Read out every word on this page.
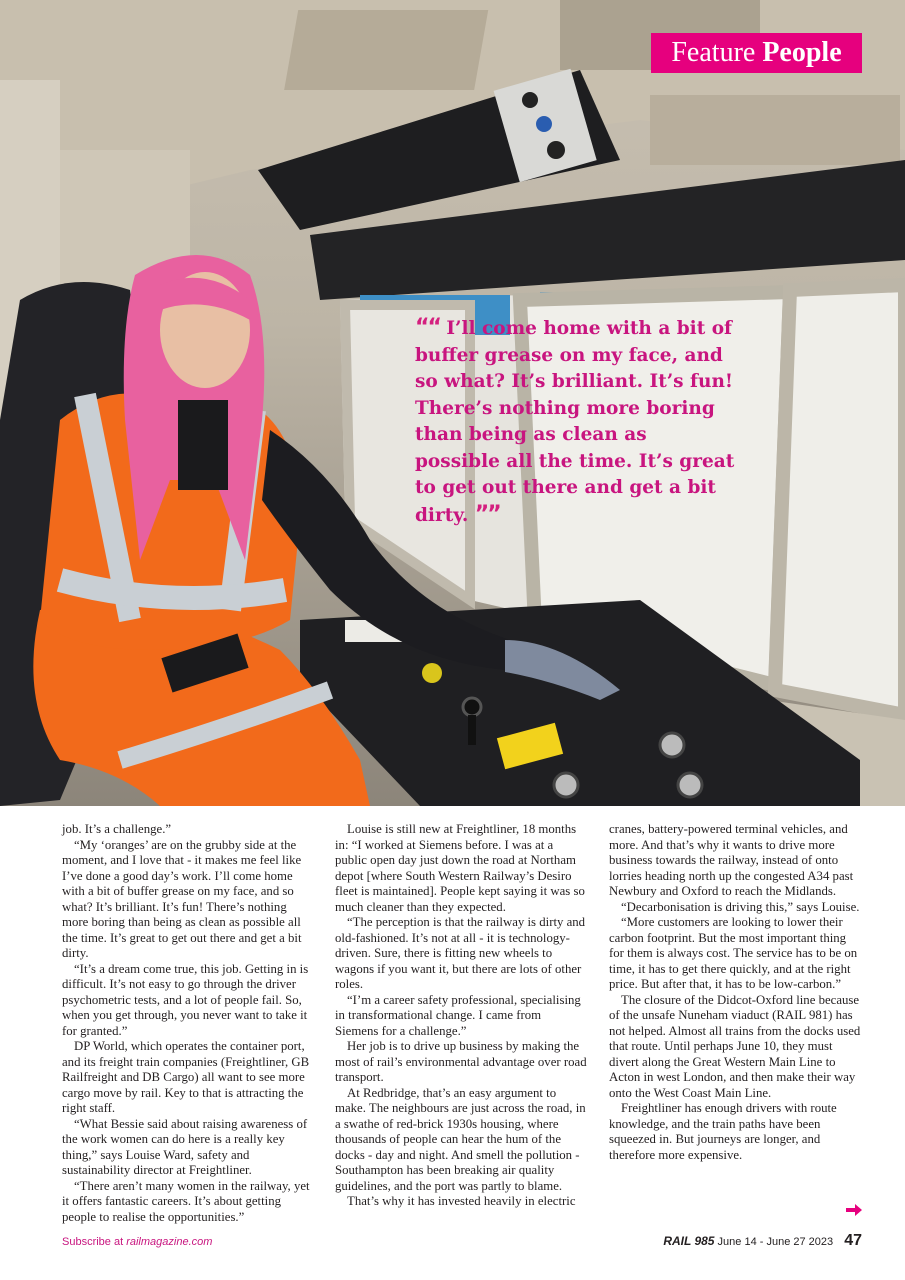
Feature People
““ I’ll come home with a bit of buffer grease on my face, and so what? It’s brilliant. It’s fun! There’s nothing more boring than being as clean as possible all the time. It’s great to get out there and get a bit dirty. ””

job. It’s a challenge.”

“My ‘oranges’ are on the grubby side at the moment, and I love that - it makes me feel like I’ve done a good day’s work. I’ll come home with a bit of buffer grease on my face, and so what? It’s brilliant. It’s fun! There’s nothing more boring than being as clean as possible all the time. It’s great to get out there and get a bit dirty.

“It’s a dream come true, this job. Getting in is difficult. It’s not easy to go through the driver psychometric tests, and a lot of people fail. So, when you get through, you never want to take it for granted.”

DP World, which operates the container port, and its freight train companies (Freightliner, GB Railfreight and DB Cargo) all want to see more cargo move by rail. Key to that is attracting the right staff.

“What Bessie said about raising awareness of the work women can do here is a really key thing,” says Louise Ward, safety and sustainability director at Freightliner.

“There aren’t many women in the railway, yet it offers fantastic careers. It’s about getting people to realise the opportunities.”

Louise is still new at Freightliner, 18 months in: “I worked at Siemens before. I was at a public open day just down the road at Northam depot [where South Western Railway’s Desiro fleet is maintained]. People kept saying it was so much cleaner than they expected.

“The perception is that the railway is dirty and old-fashioned. It’s not at all - it is technology-driven. Sure, there is fitting new wheels to wagons if you want it, but there are lots of other roles.

“I’m a career safety professional, specialising in transformational change. I came from Siemens for a challenge.”

Her job is to drive up business by making the most of rail’s environmental advantage over road transport.

At Redbridge, that’s an easy argument to make. The neighbours are just across the road, in a swathe of red-brick 1930s housing, where thousands of people can hear the hum of the docks - day and night. And smell the pollution - Southampton has been breaking air quality guidelines, and the port was partly to blame.

That’s why it has invested heavily in electric

cranes, battery-powered terminal vehicles, and more. And that’s why it wants to drive more business towards the railway, instead of onto lorries heading north up the congested A34 past Newbury and Oxford to reach the Midlands.

“Decarbonisation is driving this,” says Louise.

“More customers are looking to lower their carbon footprint. But the most important thing for them is always cost. The service has to be on time, it has to get there quickly, and at the right price. But after that, it has to be low-carbon.”

The closure of the Didcot-Oxford line because of the unsafe Nuneham viaduct (RAIL 981) has not helped. Almost all trains from the docks used that route. Until perhaps June 10, they must divert along the Great Western Main Line to Acton in west London, and then make their way onto the West Coast Main Line.

Freightliner has enough drivers with route knowledge, and the train paths have been squeezed in. But journeys are longer, and therefore more expensive.

Subscribe at railmagazine.com	RAIL 985 June 14 - June 27 2023 47
